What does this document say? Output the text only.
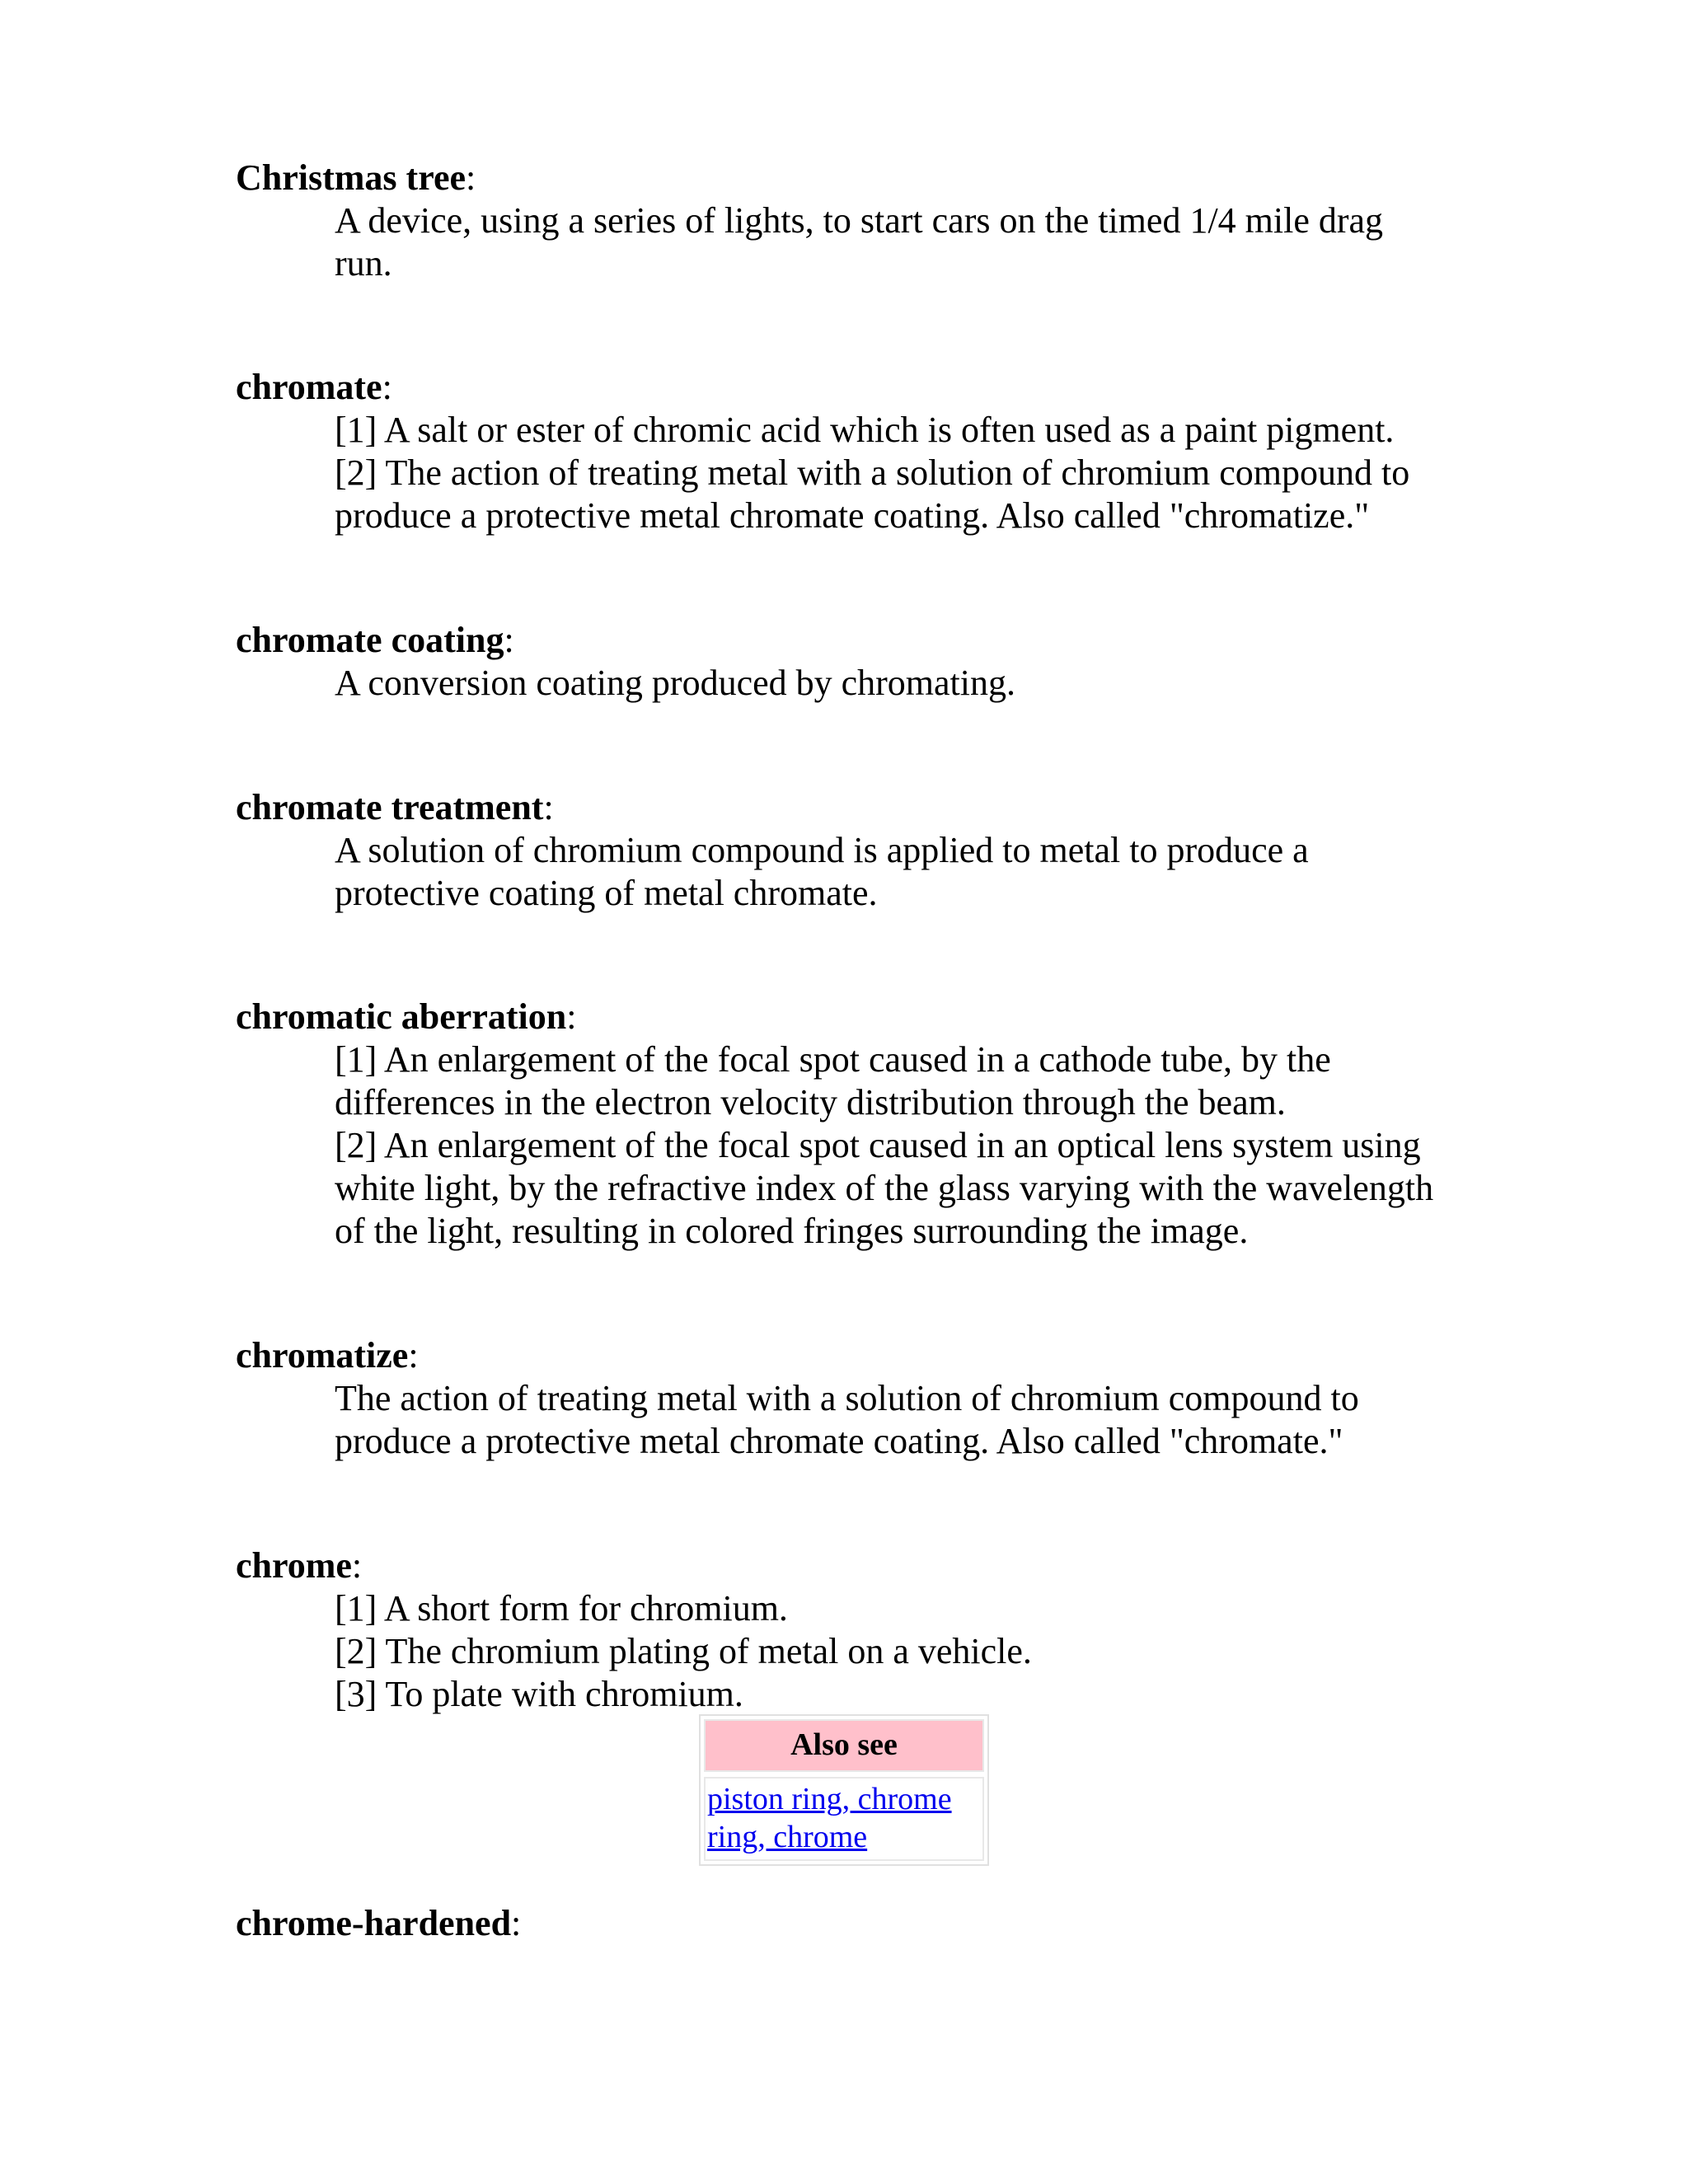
Christmas tree:
A device, using a series of lights, to start cars on the timed 1/4 mile drag run.
chromate:
[1] A salt or ester of chromic acid which is often used as a paint pigment.
[2] The action of treating metal with a solution of chromium compound to produce a protective metal chromate coating. Also called "chromatize."
chromate coating:
A conversion coating produced by chromating.
chromate treatment:
A solution of chromium compound is applied to metal to produce a protective coating of metal chromate.
chromatic aberration:
[1] An enlargement of the focal spot caused in a cathode tube, by the differences in the electron velocity distribution through the beam.
[2] An enlargement of the focal spot caused in an optical lens system using white light, by the refractive index of the glass varying with the wavelength of the light, resulting in colored fringes surrounding the image.
chromatize:
The action of treating metal with a solution of chromium compound to produce a protective metal chromate coating. Also called "chromate."
chrome:
[1] A short form for chromium.
[2] The chromium plating of metal on a vehicle.
[3] To plate with chromium.
Also see
piston ring, chrome
ring, chrome
chrome-hardened:
